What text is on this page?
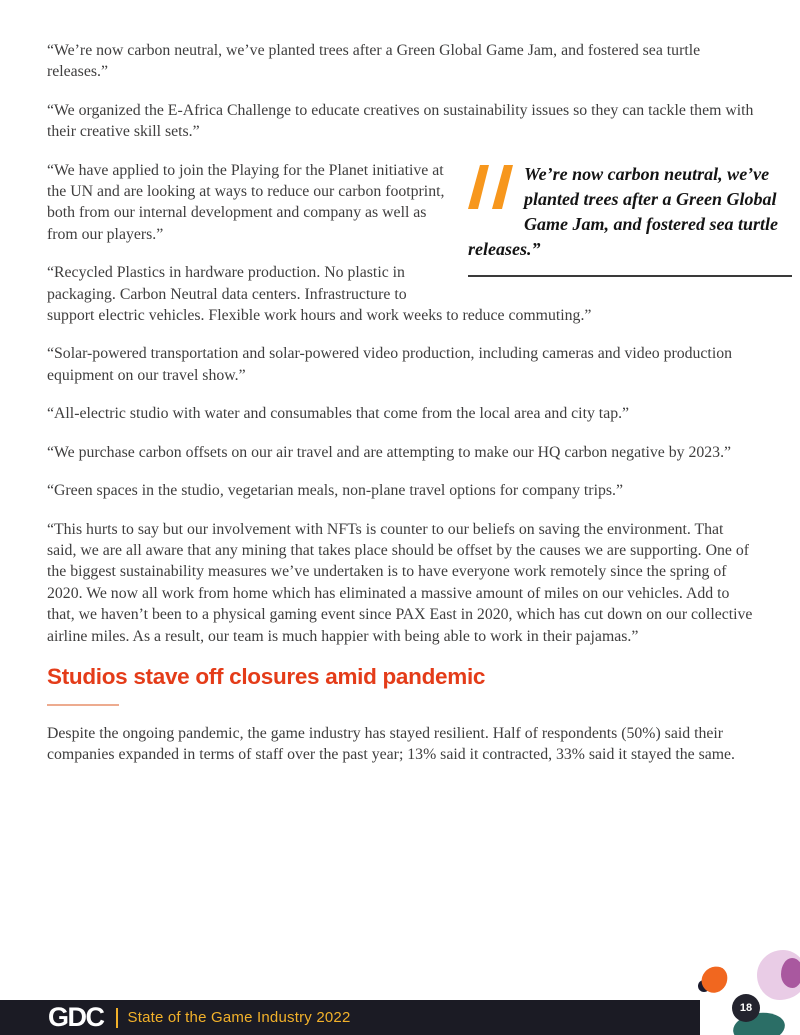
“We’re now carbon neutral, we’ve planted trees after a Green Global Game Jam, and fostered sea turtle releases.”

“We organized the E-Africa Challenge to educate creatives on sustainability issues so they can tackle them with their creative skill sets.”

We’re now carbon neutral, we’ve planted trees after a Green Global Game Jam, and fostered sea turtle releases.”

“We have applied to join the Playing for the Planet initiative at the UN and are looking at ways to reduce our carbon footprint, both from our internal development and company as well as from our players.”

“Recycled Plastics in hardware production. No plastic in packaging. Carbon Neutral data centers. Infrastructure to support electric vehicles. Flexible work hours and work weeks to reduce commuting.”

“Solar-powered transportation and solar-powered video production, including cameras and video production equipment on our travel show.”

“All-electric studio with water and consumables that come from the local area and city tap.”

“We purchase carbon offsets on our air travel and are attempting to make our HQ carbon negative by 2023.”

“Green spaces in the studio, vegetarian meals, non-plane travel options for company trips.”

“This hurts to say but our involvement with NFTs is counter to our beliefs on saving the environment. That said, we are all aware that any mining that takes place should be offset by the causes we are supporting. One of the biggest sustainability measures we’ve undertaken is to have everyone work remotely since the spring of 2020. We now all work from home which has eliminated a massive amount of miles on our vehicles. Add to that, we haven’t been to a physical gaming event since PAX East in 2020, which has cut down on our collective airline miles. As a result, our team is much happier with being able to work in their pajamas.”

Studios stave off closures amid pandemic

Despite the ongoing pandemic, the game industry has stayed resilient. Half of respondents (50%) said their companies expanded in terms of staff over the past year; 13% said it contracted, 33% said it stayed the same.

GDC State of the Game Industry 2022
18
